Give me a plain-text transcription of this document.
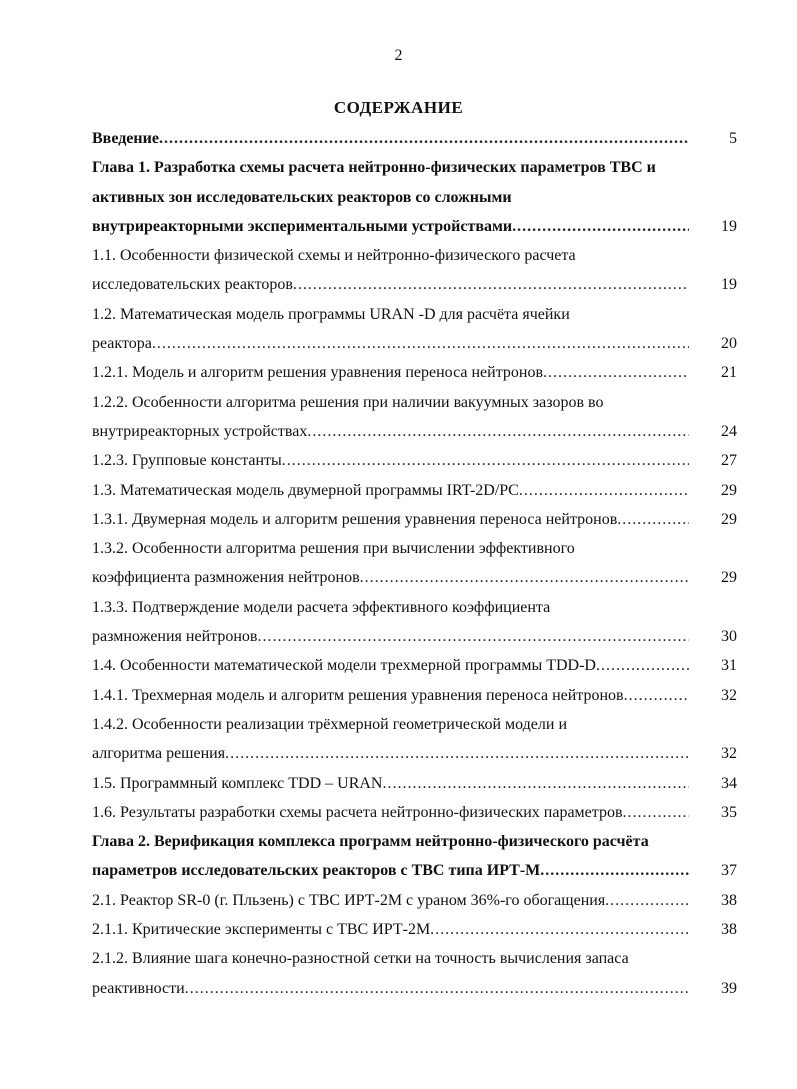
2
СОДЕРЖАНИЕ
Введение .....	5
Глава 1. Разработка схемы расчета нейтронно-физических параметров ТВС и
активных зон исследовательских реакторов со сложными
внутриреакторными экспериментальными устройствами .....	19
1.1. Особенности физической схемы и нейтронно-физического расчета
исследовательских реакторов .....	19
1.2. Математическая модель программы URAN -D для расчёта ячейки
реактора .....	20
1.2.1. Модель и алгоритм решения уравнения переноса нейтронов .....	21
1.2.2. Особенности алгоритма решения при наличии вакуумных зазоров во
внутриреакторных устройствах .....	24
1.2.3. Групповые константы .....	27
1.3. Математическая модель двумерной программы IRT-2D/PC .....	29
1.3.1. Двумерная модель и алгоритм решения уравнения переноса нейтронов .....	29
1.3.2. Особенности алгоритма решения при вычислении эффективного
коэффициента размножения нейтронов .....	29
1.3.3. Подтверждение модели расчета эффективного коэффициента
размножения нейтронов .....	30
1.4. Особенности математической модели трехмерной программы TDD-D .....	31
1.4.1. Трехмерная модель и алгоритм решения уравнения переноса нейтронов .....	32
1.4.2. Особенности реализации трёхмерной геометрической модели и
алгоритма решения .....	32
1.5. Программный комплекс TDD – URAN .....	34
1.6. Результаты разработки схемы расчета нейтронно-физических параметров .....	35
Глава 2. Верификация комплекса программ нейтронно-физического расчёта
параметров исследовательских реакторов с ТВС типа ИРТ-М .....	37
2.1. Реактор SR-0 (г. Пльзень) с ТВС ИРТ-2М с ураном 36%-го обогащения .....	38
2.1.1. Критические эксперименты с ТВС ИРТ-2М .....	38
2.1.2. Влияние шага конечно-разностной сетки на точность вычисления запаса
реактивности .....	39
